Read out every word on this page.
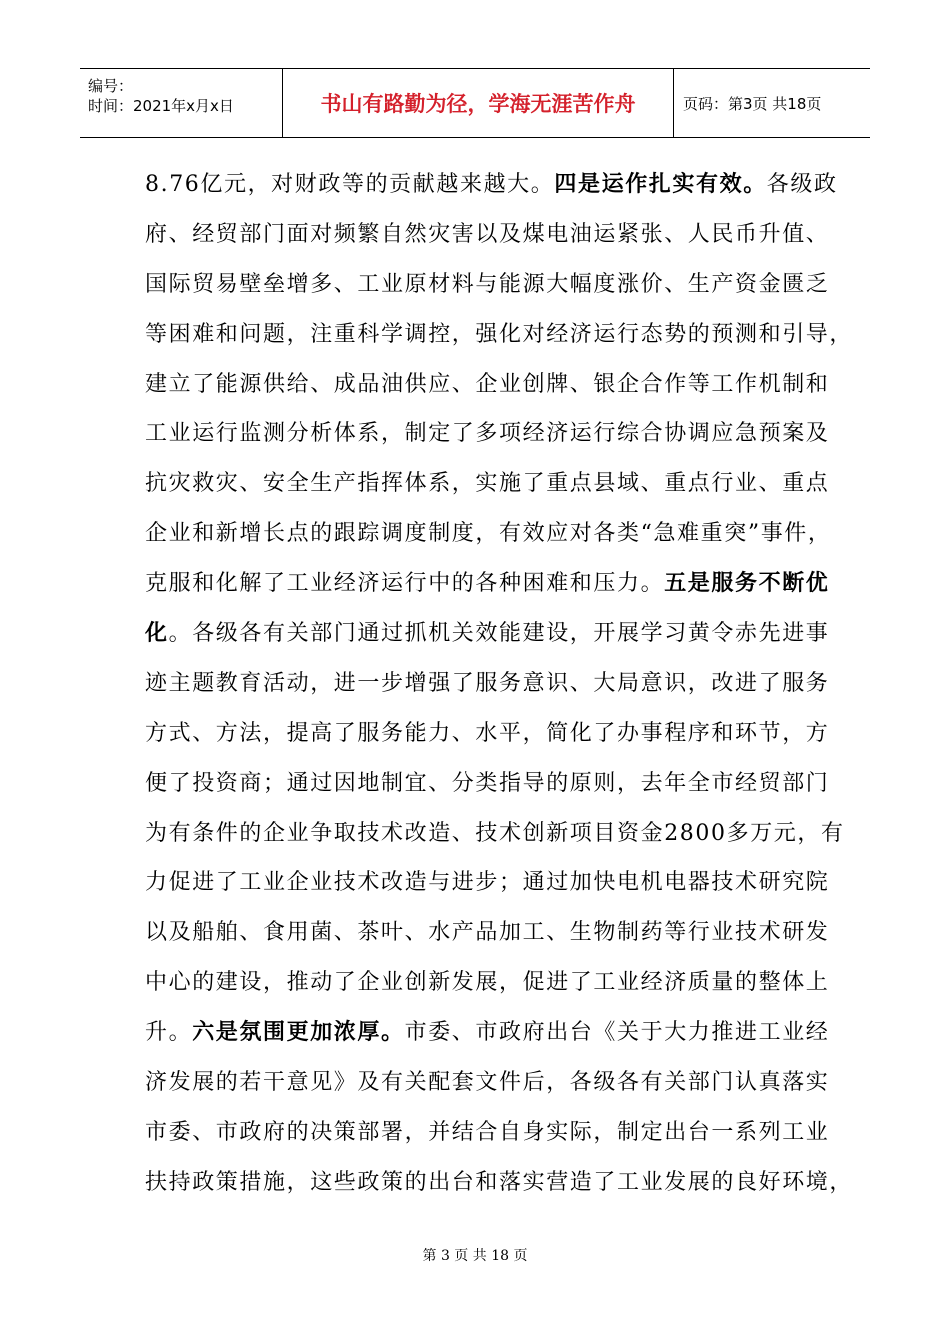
编号：
时间：2021年x月x日	书山有路勤为径，学海无涯苦作舟	页码：第3页 共18页
8.76亿元，对财政等的贡献越来越大。四是运作扎实有效。各级政
府、经贸部门面对频繁自然灾害以及煤电油运紧张、人民币升值、
国际贸易壁垒增多、工业原材料与能源大幅度涨价、生产资金匮乏
等困难和问题，注重科学调控，强化对经济运行态势的预测和引导，
建立了能源供给、成品油供应、企业创牌、银企合作等工作机制和
工业运行监测分析体系，制定了多项经济运行综合协调应急预案及
抗灾救灾、安全生产指挥体系，实施了重点县域、重点行业、重点
企业和新增长点的跟踪调度制度，有效应对各类“急难重突”事件，
克服和化解了工业经济运行中的各种困难和压力。五是服务不断优
化。各级各有关部门通过抓机关效能建设，开展学习黄令赤先进事
迹主题教育活动，进一步增强了服务意识、大局意识，改进了服务
方式、方法，提高了服务能力、水平，简化了办事程序和环节，方
便了投资商；通过因地制宜、分类指导的原则，去年全市经贸部门
为有条件的企业争取技术改造、技术创新项目资金2800多万元，有
力促进了工业企业技术改造与进步；通过加快电机电器技术研究院
以及船舶、食用菌、茶叶、水产品加工、生物制药等行业技术研发
中心的建设，推动了企业创新发展，促进了工业经济质量的整体上
升。六是氛围更加浓厚。市委、市政府出台《关于大力推进工业经
济发展的若干意见》及有关配套文件后，各级各有关部门认真落实
市委、市政府的决策部署，并结合自身实际，制定出台一系列工业
扶持政策措施，这些政策的出台和落实营造了工业发展的良好环境，
第 3 页 共 18 页
